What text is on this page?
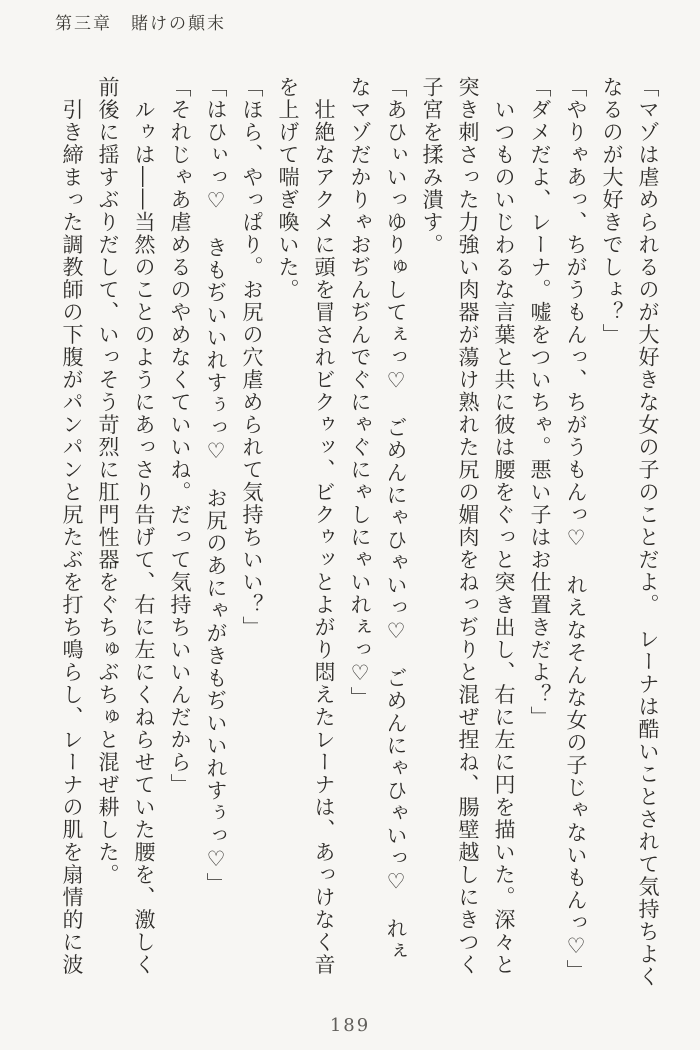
第三章　賭けの顛末
「マゾは虐められるのが大好きな女の子のことだよ。　レーナは酷いことされて気持ちよく
なるのが大好きでしょ？」
「やりゃあっ、ちがうもんっ、ちがうもんっ♡　れえなそんな女の子じゃないもんっ♡」
「ダメだよ、レーナ。嘘をついちゃ。悪い子はお仕置きだよ？」
　いつものいじわるな言葉と共に彼は腰をぐっと突き出し、右に左に円を描いた。深々と
突き刺さった力強い肉器が蕩け熟れた尻の媚肉をねっぢりと混ぜ捏ね、腸壁越しにきつく
子宮を揉み潰す。
「あひぃいっゆりゅしてぇっ♡　ごめんにゃひゃいっ♡　ごめんにゃひゃいっ♡　れぇ
なマゾだかりゃおぢんぢんでぐにゃぐにゃしにゃいれぇっ♡」
　壮絶なアクメに頭を冒されビクゥッ、ビクゥッとよがり悶えたレーナは、あっけなく音
を上げて喘ぎ喚いた。
「ほら、やっぱり。お尻の穴虐められて気持ちいい？」
「はひぃっ♡　きもぢいいれすぅっ♡　お尻のあにゃがきもぢいいれすぅっ♡」
「それじゃあ虐めるのやめなくていいね。だって気持ちいいんだから」
　ルゥは――当然のことのようにあっさり告げて、右に左にくねらせていた腰を、激しく
前後に揺すぶりだして、いっそう苛烈に肛門性器をぐちゅぶちゅと混ぜ耕した。
　引き締まった調教師の下腹がパンパンと尻たぶを打ち鳴らし、レーナの肌を扇情的に波
189
